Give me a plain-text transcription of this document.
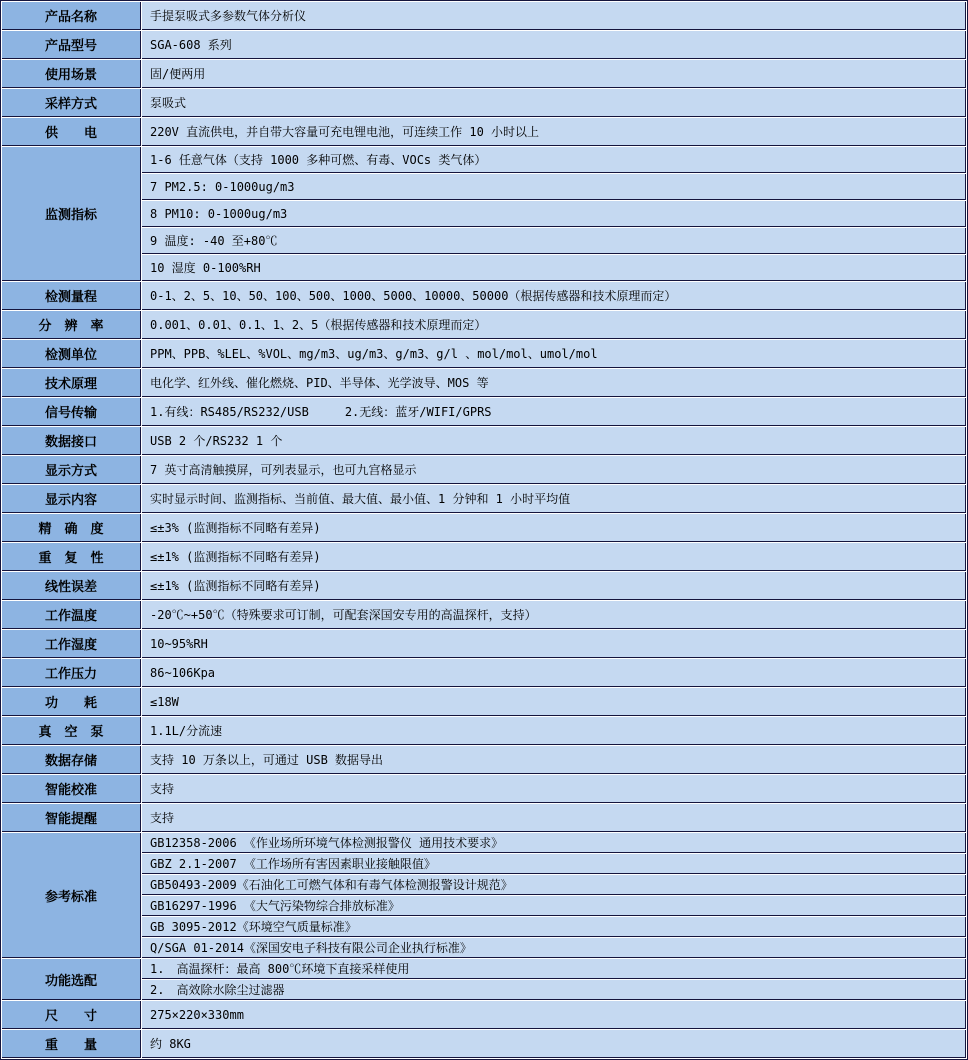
产品名称	手提泵吸式多参数气体分析仪
产品型号	SGA-608 系列
使用场景	固/便两用
采样方式	泵吸式
供　　电	220V 直流供电，并自带大容量可充电锂电池，可连续工作 10 小时以上
监测指标	1-6 任意气体（支持 1000 多种可燃、有毒、VOCs 类气体）
	7 PM2.5: 0-1000ug/m3
	8 PM10: 0-1000ug/m3
	9 温度: -40 至+80℃
	10 湿度 0-100%RH
检测量程	0-1、2、5、10、50、100、500、1000、5000、10000、50000（根据传感器和技术原理而定）
分　辨　率	0.001、0.01、0.1、1、2、5（根据传感器和技术原理而定）
检测单位	PPM、PPB、%LEL、%VOL、mg/m3、ug/m3、g/m3、g/l 、mol/mol、umol/mol
技术原理	电化学、红外线、催化燃烧、PID、半导体、光学波导、MOS 等
信号传输	1.有线：RS485/RS232/USB　　　2.无线：蓝牙/WIFI/GPRS
数据接口	USB 2 个/RS232 1 个
显示方式	7 英寸高清触摸屏，可列表显示，也可九宫格显示
显示内容	实时显示时间、监测指标、当前值、最大值、最小值、1 分钟和 1 小时平均值
精　确　度	≤±3% (监测指标不同略有差异)
重　复　性	≤±1% (监测指标不同略有差异)
线性误差	≤±1% (监测指标不同略有差异)
工作温度	-20℃~+50℃（特殊要求可订制，可配套深国安专用的高温探杆，支持）
工作湿度	10~95%RH
工作压力	86~106Kpa
功　　耗	≤18W
真　空　泵	1.1L/分流速
数据存储	支持 10 万条以上，可通过 USB 数据导出
智能校准	支持
智能提醒	支持
参考标准	GB12358-2006 《作业场所环境气体检测报警仪 通用技术要求》
	GBZ 2.1-2007 《工作场所有害因素职业接触限值》
	GB50493-2009《石油化工可燃气体和有毒气体检测报警设计规范》
	GB16297-1996 《大气污染物综合排放标准》
	GB 3095-2012《环境空气质量标准》
	Q/SGA 01-2014《深国安电子科技有限公司企业执行标准》
功能选配	1.　高温探杆：最高 800℃环境下直接采样使用
	2.　高效除水除尘过滤器
尺　　寸	275×220×330mm
重　　量	约 8KG
